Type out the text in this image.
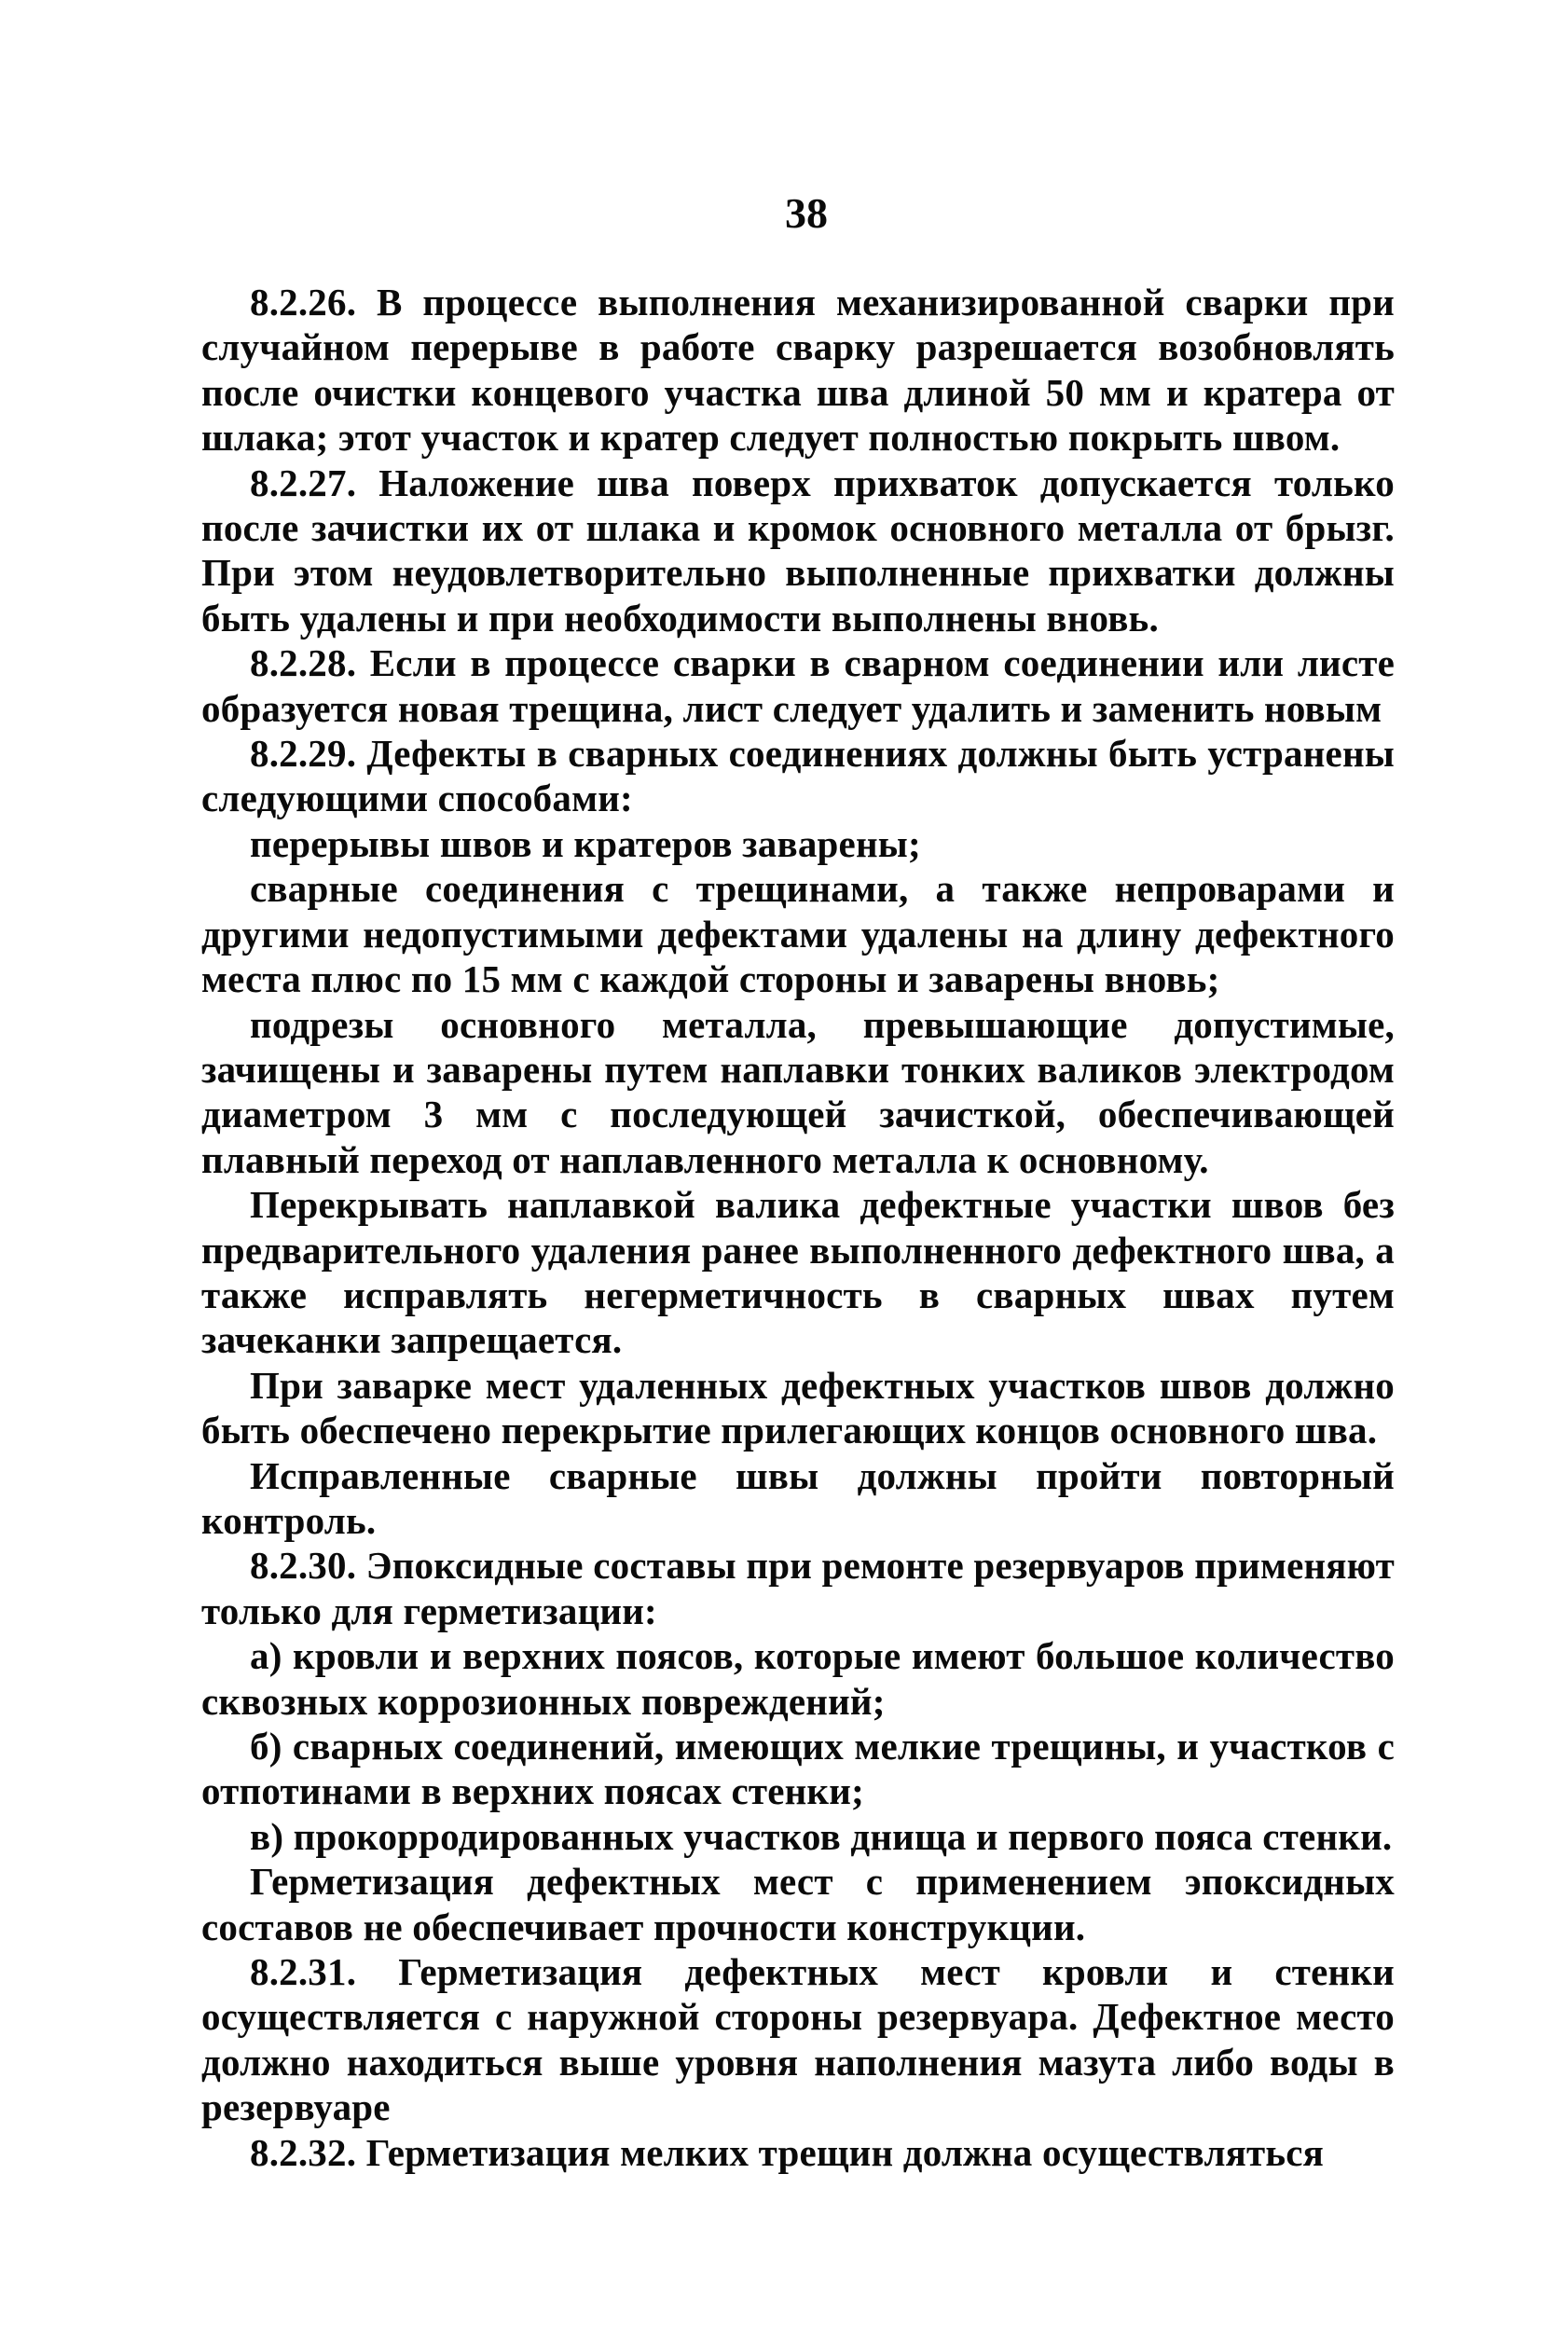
38

8.2.26. В процессе выполнения механизированной сварки при случайном перерыве в работе сварку разрешается возобновлять после очистки концевого участка шва длиной 50 мм и кратера от шлака; этот участок и кратер следует полностью покрыть швом.

8.2.27. Наложение шва поверх прихваток допускается только после зачистки их от шлака и кромок основного металла от брызг. При этом неудовлетворительно выполненные прихватки должны быть удалены и при необходимости выполнены вновь.

8.2.28. Если в процессе сварки в сварном соединении или листе образуется новая трещина, лист следует удалить и заменить новым

8.2.29. Дефекты в сварных соединениях должны быть устранены следующими способами:

перерывы швов и кратеров заварены;

сварные соединения с трещинами, а также непроварами и другими недопустимыми дефектами удалены на длину дефектного места плюс по 15 мм с каждой стороны и заварены вновь;

подрезы основного металла, превышающие допустимые, зачищены и заварены путем наплавки тонких валиков электродом диаметром 3 мм с последующей зачисткой, обеспечивающей плавный переход от наплавленного металла к основному.

Перекрывать наплавкой валика дефектные участки швов без предварительного удаления ранее выполненного дефектного шва, а также исправлять негерметичность в сварных швах путем зачеканки запрещается.

При заварке мест удаленных дефектных участков швов должно быть обеспечено перекрытие прилегающих концов основного шва.

Исправленные сварные швы должны пройти повторный контроль.

8.2.30. Эпоксидные составы при ремонте резервуаров применяют только для герметизации:

а) кровли и верхних поясов, которые имеют большое количество сквозных коррозионных повреждений;

б) сварных соединений, имеющих мелкие трещины, и участков с отпотинами в верхних поясах стенки;

в) прокорродированных участков днища и первого пояса стенки.

Герметизация дефектных мест с применением эпоксидных составов не обеспечивает прочности конструкции.

8.2.31. Герметизация дефектных мест кровли и стенки осуществляется с наружной стороны резервуара. Дефектное место должно находиться выше уровня наполнения мазута либо воды в резервуаре

8.2.32. Герметизация мелких трещин должна осуществляться
